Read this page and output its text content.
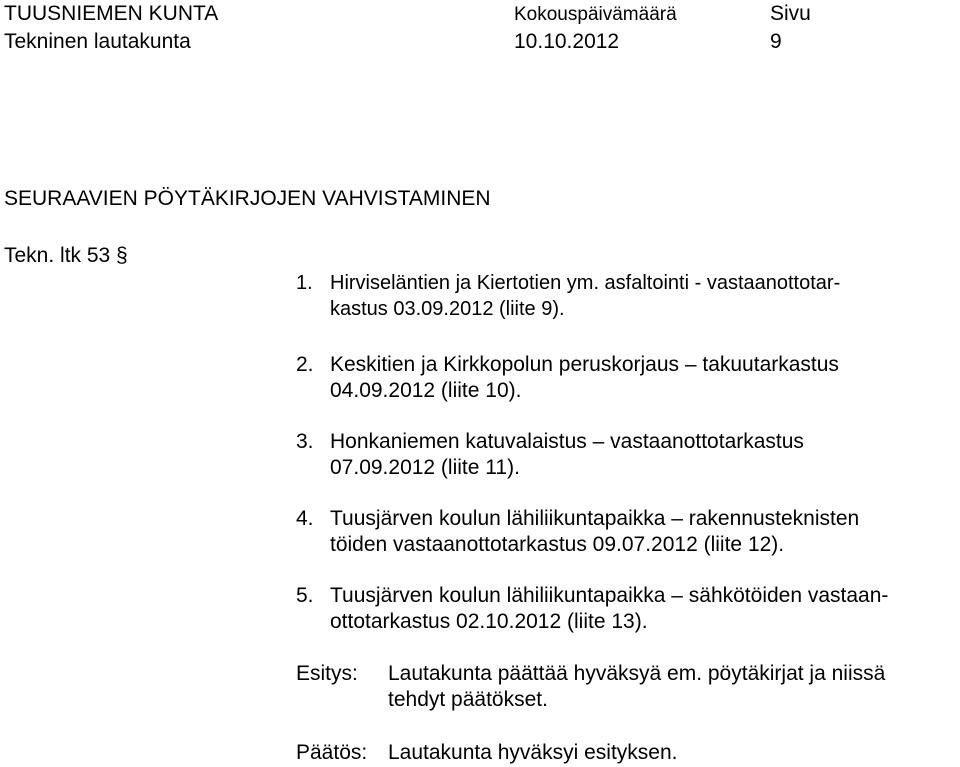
TUUSNIEMEN KUNTA
Tekninen lautakunta
Kokouspäivämäärä
10.10.2012
Sivu
9
SEURAAVIEN PÖYTÄKIRJOJEN VAHVISTAMINEN
Tekn. ltk 53 §
1. Hirviseläntien ja Kiertotien ym. asfaltointi - vastaanottotar-
kastus 03.09.2012 (liite 9).
2. Keskitien ja Kirkkopolun peruskorjaus – takuutarkastus
04.09.2012 (liite 10).
3. Honkaniemen katuvalaistus – vastaanottotarkastus
07.09.2012 (liite 11).
4. Tuusjärven koulun lähiliikuntapaikka – rakennusteknisten
töiden vastaanottotarkastus 09.07.2012 (liite 12).
5. Tuusjärven koulun lähiliikuntapaikka – sähkötöiden vastaan-
ottotarkastus 02.10.2012 (liite 13).
Esitys: Lautakunta päättää hyväksyä em. pöytäkirjat ja niissä
tehdyt päätökset.
Päätös: Lautakunta hyväksyi esityksen.
